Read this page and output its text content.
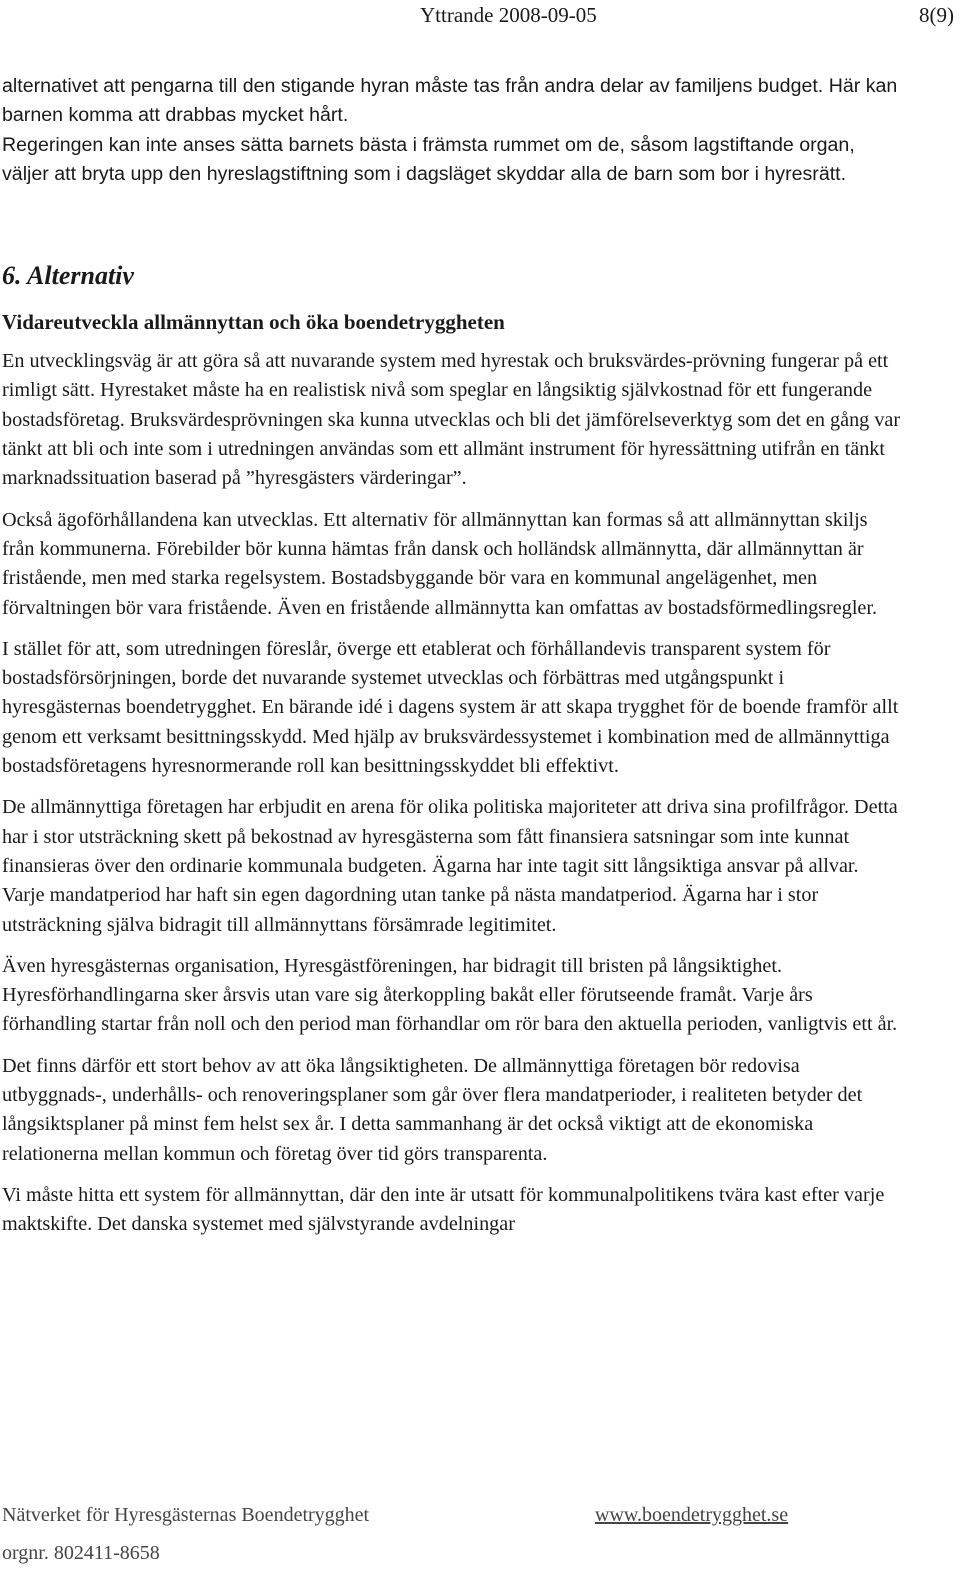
Yttrande 2008-09-05	8(9)

alternativet att pengarna till den stigande hyran måste tas från andra delar av familjens budget. Här kan barnen komma att drabbas mycket hårt.

Regeringen kan inte anses sätta barnets bästa i främsta rummet om de, såsom lagstiftande organ, väljer att bryta upp den hyreslagstiftning som i dagsläget skyddar alla de barn som bor i hyresrätt.

6. Alternativ

Vidareutveckla allmännyttan och öka boendetryggheten

En utvecklingsväg är att göra så att nuvarande system med hyrestak och bruksvärdes-prövning fungerar på ett rimligt sätt. Hyrestaket måste ha en realistisk nivå som speglar en långsiktig självkostnad för ett fungerande bostadsföretag. Bruksvärdesprövningen ska kunna utvecklas och bli det jämförelseverktyg som det en gång var tänkt att bli och inte som i utredningen användas som ett allmänt instrument för hyressättning utifrån en tänkt marknadssituation baserad på ”hyresgästers värderingar”.

Också ägoförhållandena kan utvecklas. Ett alternativ för allmännyttan kan formas så att allmännyttan skiljs från kommunerna. Förebilder bör kunna hämtas från dansk och holländsk allmännytta, där allmännyttan är fristående, men med starka regelsystem. Bostadsbyggande bör vara en kommunal angelägenhet, men förvaltningen bör vara fristående. Även en fristående allmännytta kan omfattas av bostadsförmedlingsregler.

I stället för att, som utredningen föreslår, överge ett etablerat och förhållandevis transparent system för bostadsförsörjningen, borde det nuvarande systemet utvecklas och förbättras med utgångspunkt i hyresgästernas boendetrygghet. En bärande idé i dagens system är att skapa trygghet för de boende framför allt genom ett verksamt besittningsskydd. Med hjälp av bruksvärdessystemet i kombination med de allmännyttiga bostadsföretagens hyresnormerande roll kan besittningsskyddet bli effektivt.

De allmännyttiga företagen har erbjudit en arena för olika politiska majoriteter att driva sina profilfrågor. Detta har i stor utsträckning skett på bekostnad av hyresgästerna som fått finansiera satsningar som inte kunnat finansieras över den ordinarie kommunala budgeten. Ägarna har inte tagit sitt långsiktiga ansvar på allvar. Varje mandatperiod har haft sin egen dagordning utan tanke på nästa mandatperiod. Ägarna har i stor utsträckning själva bidragit till allmännyttans försämrade legitimitet.

Även hyresgästernas organisation, Hyresgästföreningen, har bidragit till bristen på långsiktighet. Hyresförhandlingarna sker årsvis utan vare sig återkoppling bakåt eller förutseende framåt. Varje års förhandling startar från noll och den period man förhandlar om rör bara den aktuella perioden, vanligtvis ett år.

Det finns därför ett stort behov av att öka långsiktigheten. De allmännyttiga företagen bör redovisa utbyggnads-, underhålls- och renoveringsplaner som går över flera mandatperioder, i realiteten betyder det långsiktsplaner på minst fem helst sex år. I detta sammanhang är det också viktigt att de ekonomiska relationerna mellan kommun och företag över tid görs transparenta.

Vi måste hitta ett system för allmännyttan, där den inte är utsatt för kommunalpolitikens tvära kast efter varje maktskifte. Det danska systemet med självstyrande avdelningar

Nätverket för Hyresgästernas Boendetrygghet	www.boendetrygghet.se
orgnr. 802411-8658
